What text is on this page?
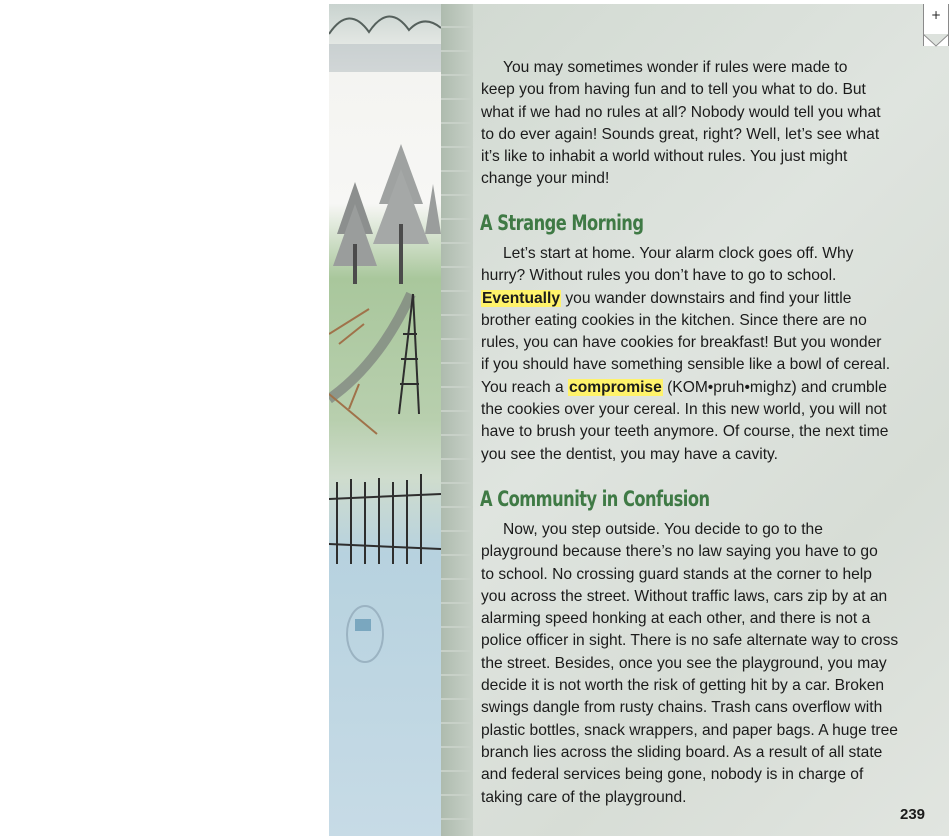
+

You may sometimes wonder if rules were made to
keep you from having fun and to tell you what to do. But
what if we had no rules at all? Nobody would tell you what
to do ever again! Sounds great, right? Well, let’s see what
it’s like to inhabit a world without rules. You just might
change your mind!

A Strange Morning

Let’s start at home. Your alarm clock goes off. Why
hurry? Without rules you don’t have to go to school.
Eventually you wander downstairs and find your little
brother eating cookies in the kitchen. Since there are no
rules, you can have cookies for breakfast! But you wonder
if you should have something sensible like a bowl of cereal.
You reach a compromise (KOM•pruh•mighz) and crumble
the cookies over your cereal. In this new world, you will not
have to brush your teeth anymore. Of course, the next time
you see the dentist, you may have a cavity.

A Community in Confusion

Now, you step outside. You decide to go to the
playground because there’s no law saying you have to go
to school. No crossing guard stands at the corner to help
you across the street. Without traffic laws, cars zip by at an
alarming speed honking at each other, and there is not a
police officer in sight. There is no safe alternate way to cross
the street. Besides, once you see the playground, you may
decide it is not worth the risk of getting hit by a car. Broken
swings dangle from rusty chains. Trash cans overflow with
plastic bottles, snack wrappers, and paper bags. A huge tree
branch lies across the sliding board. As a result of all state
and federal services being gone, nobody is in charge of
taking care of the playground.

239
